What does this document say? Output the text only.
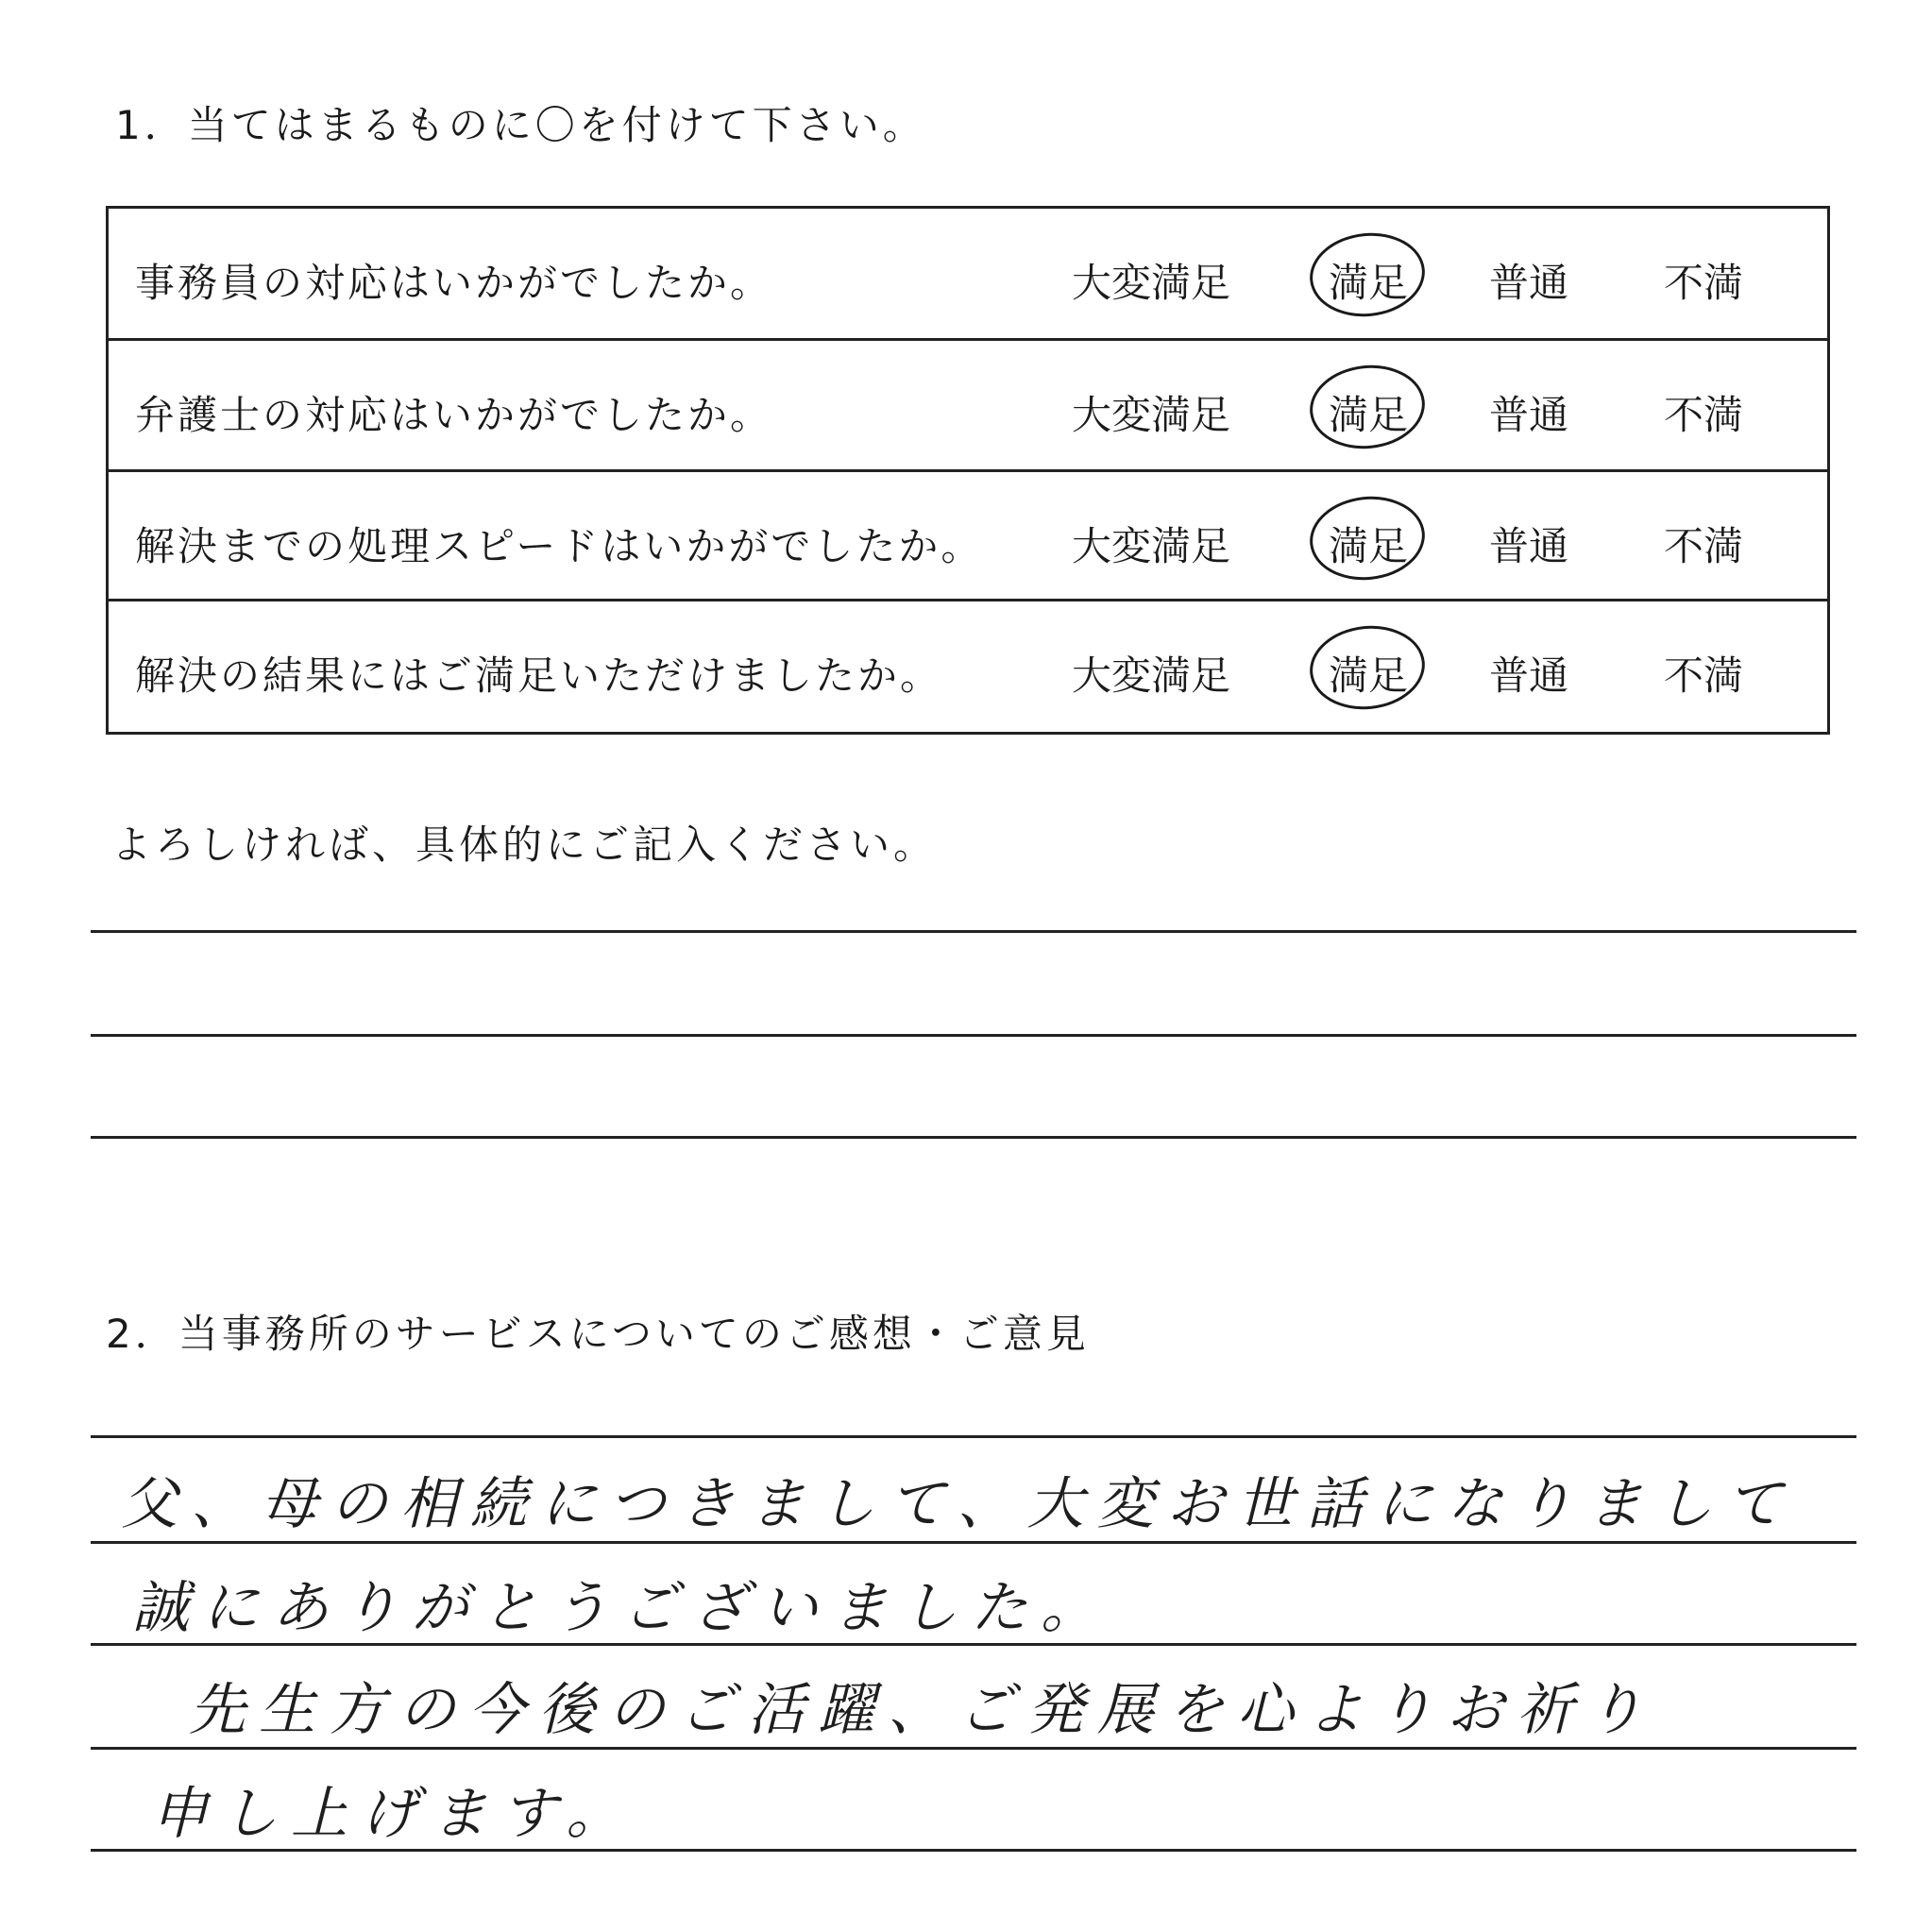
1．当てはまるものに〇を付けて下さい。
事務員の対応はいかがでしたか。	大変満足 満足 普通 不満
弁護士の対応はいかがでしたか。	大変満足 満足 普通 不満
解決までの処理スピードはいかがでしたか。 大変満足 満足 普通 不満
解決の結果にはご満足いただけましたか。	大変満足 満足 普通 不満
よろしければ、具体的にご記入ください。
2．当事務所のサービスについてのご感想・ご意見
父、母の相続につきまして、大変お世話になりまして
誠にありがとうございました。
先生方の今後のご活躍、ご発展を心よりお祈り
申し上げます。
